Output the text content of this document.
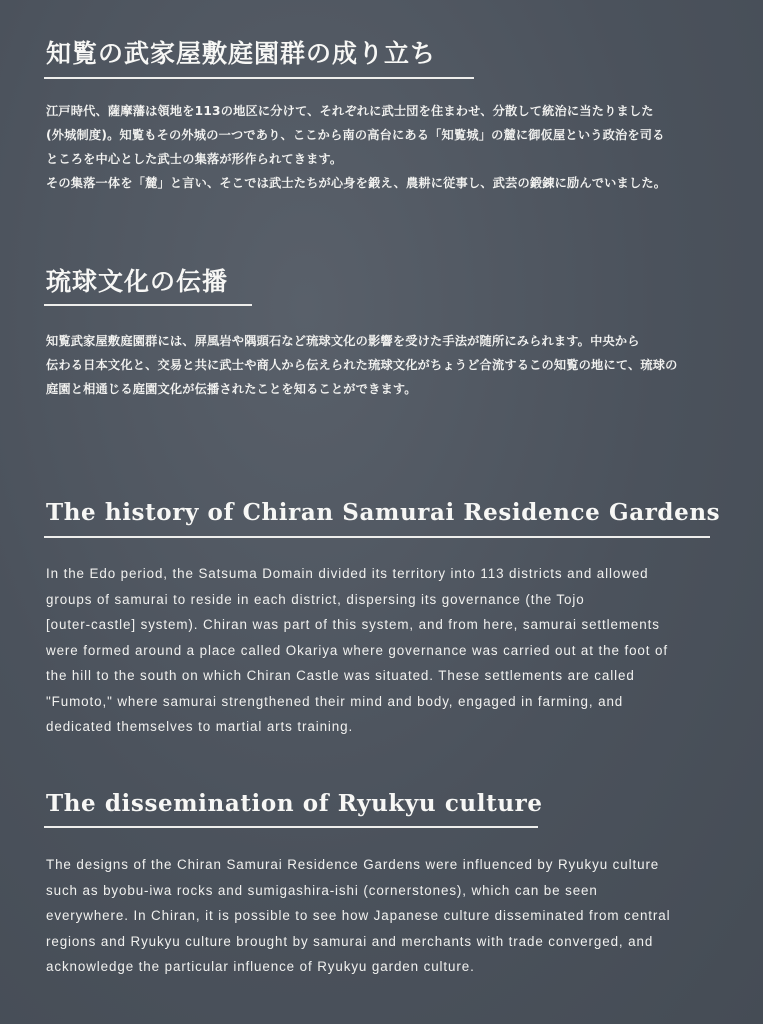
知覧の武家屋敷庭園群の成り立ち
江戸時代、薩摩藩は領地を113の地区に分けて、それぞれに武士団を住まわせ、分散して統治に当たりました
(外城制度)。知覧もその外城の一つであり、ここから南の高台にある「知覧城」の麓に御仮屋という政治を司る
ところを中心とした武士の集落が形作られてきます。
その集落一体を「麓」と言い、そこでは武士たちが心身を鍛え、農耕に従事し、武芸の鍛錬に励んでいました。
琉球文化の伝播
知覧武家屋敷庭園群には、屏風岩や隅頭石など琉球文化の影響を受けた手法が随所にみられます。中央から
伝わる日本文化と、交易と共に武士や商人から伝えられた琉球文化がちょうど合流するこの知覧の地にて、琉球の
庭園と相通じる庭園文化が伝播されたことを知ることができます。
The history of Chiran Samurai Residence Gardens
In the Edo period, the Satsuma Domain divided its territory into 113 districts and allowed
groups of samurai to reside in each district, dispersing its governance (the Tojo
[outer-castle] system). Chiran was part of this system, and from here, samurai settlements
were formed around a place called Okariya where governance was carried out at the foot of
the hill to the south on which Chiran Castle was situated. These settlements are called
"Fumoto," where samurai strengthened their mind and body, engaged in farming, and
dedicated themselves to martial arts training.
The dissemination of Ryukyu culture
The designs of the Chiran Samurai Residence Gardens were influenced by Ryukyu culture
such as byobu-iwa rocks and sumigashira-ishi (cornerstones), which can be seen
everywhere. In Chiran, it is possible to see how Japanese culture disseminated from central
regions and Ryukyu culture brought by samurai and merchants with trade converged, and
acknowledge the particular influence of Ryukyu garden culture.
